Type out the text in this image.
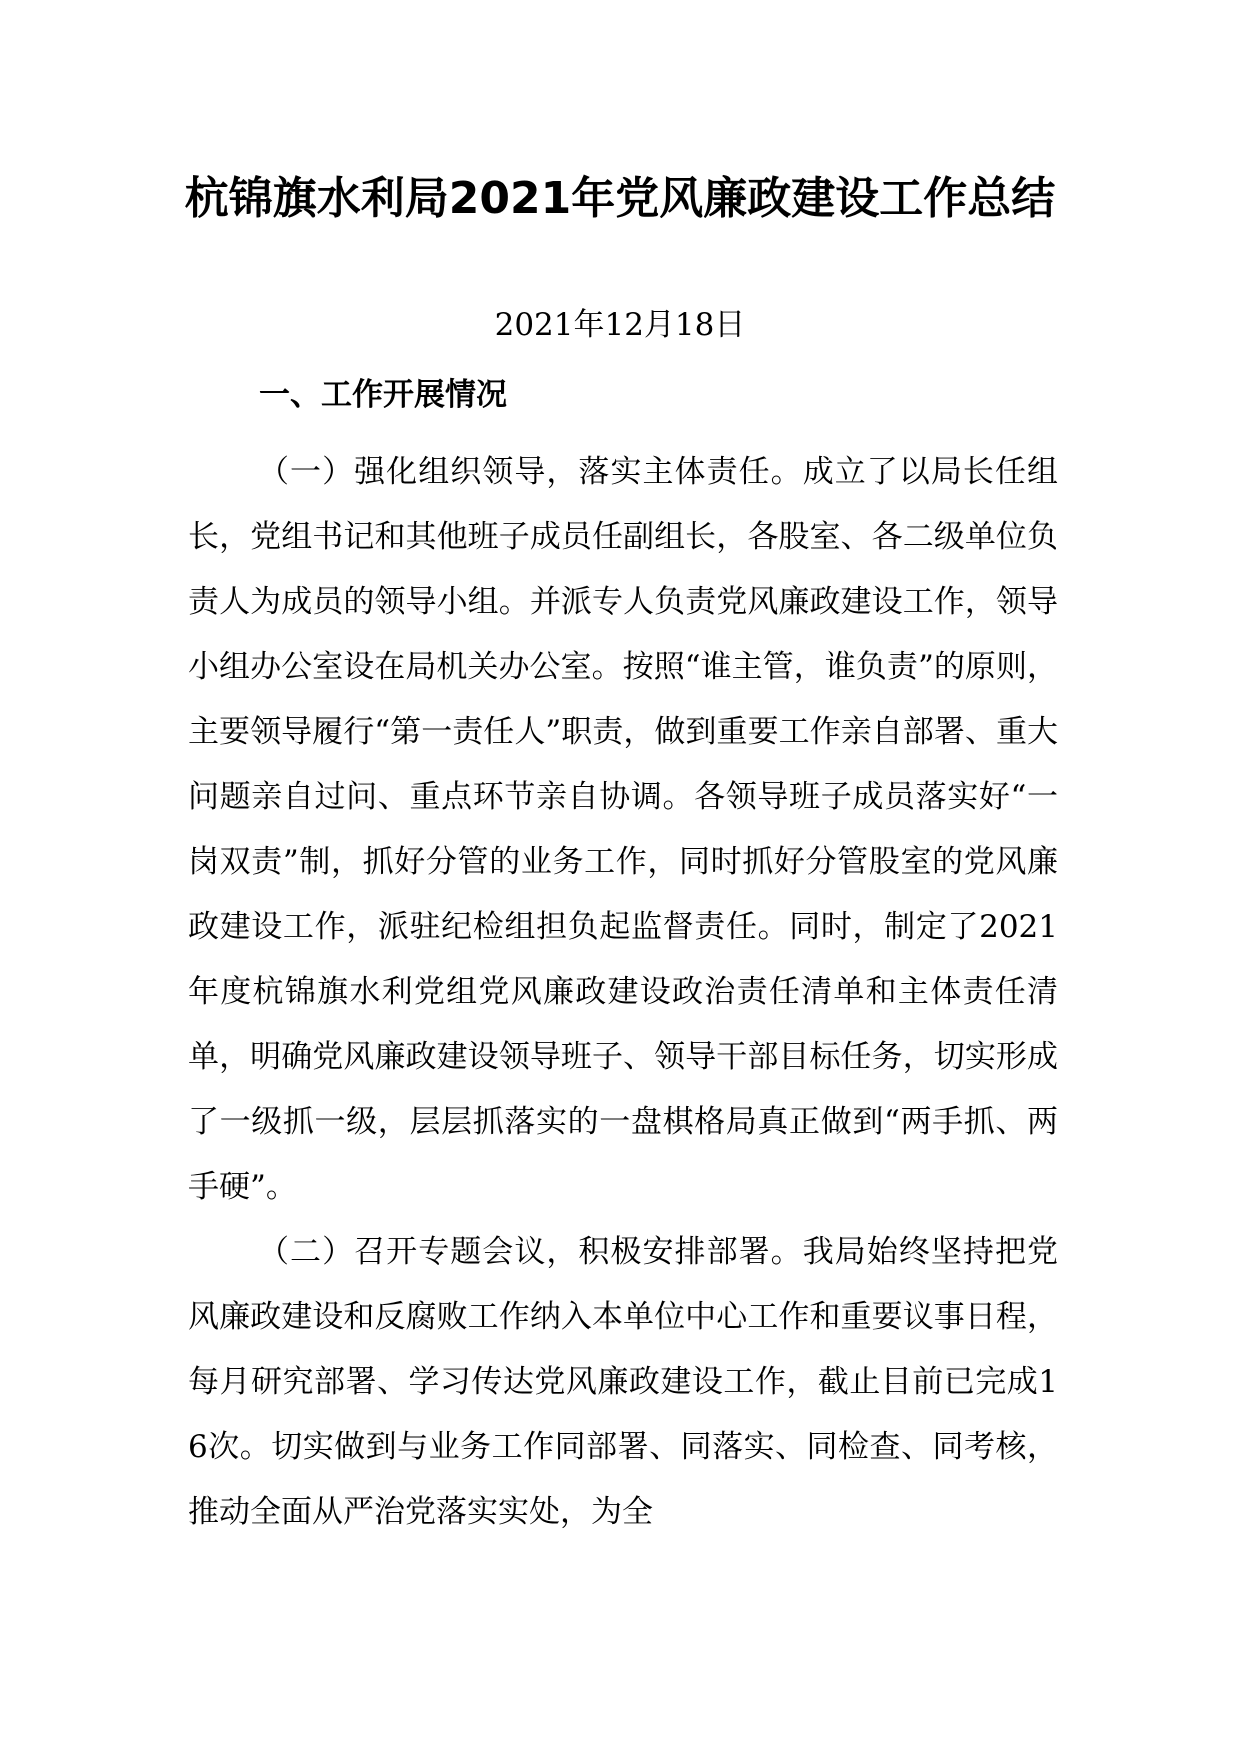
杭锦旗水利局2021年党风廉政建设工作总结

2021年12月18日

一、工作开展情况

（一）强化组织领导，落实主体责任。成立了以局长任组长，党组书记和其他班子成员任副组长，各股室、各二级单位负责人为成员的领导小组。并派专人负责党风廉政建设工作，领导小组办公室设在局机关办公室。按照“谁主管，谁负责”的原则，主要领导履行“第一责任人”职责，做到重要工作亲自部署、重大问题亲自过问、重点环节亲自协调。各领导班子成员落实好“一岗双责”制，抓好分管的业务工作，同时抓好分管股室的党风廉政建设工作，派驻纪检组担负起监督责任。同时，制定了2021年度杭锦旗水利党组党风廉政建设政治责任清单和主体责任清单，明确党风廉政建设领导班子、领导干部目标任务，切实形成了一级抓一级，层层抓落实的一盘棋格局真正做到“两手抓、两手硬”。

（二）召开专题会议，积极安排部署。我局始终坚持把党风廉政建设和反腐败工作纳入本单位中心工作和重要议事日程，每月研究部署、学习传达党风廉政建设工作，截止目前已完成16次。切实做到与业务工作同部署、同落实、同检查、同考核，推动全面从严治党落实实处，为全
